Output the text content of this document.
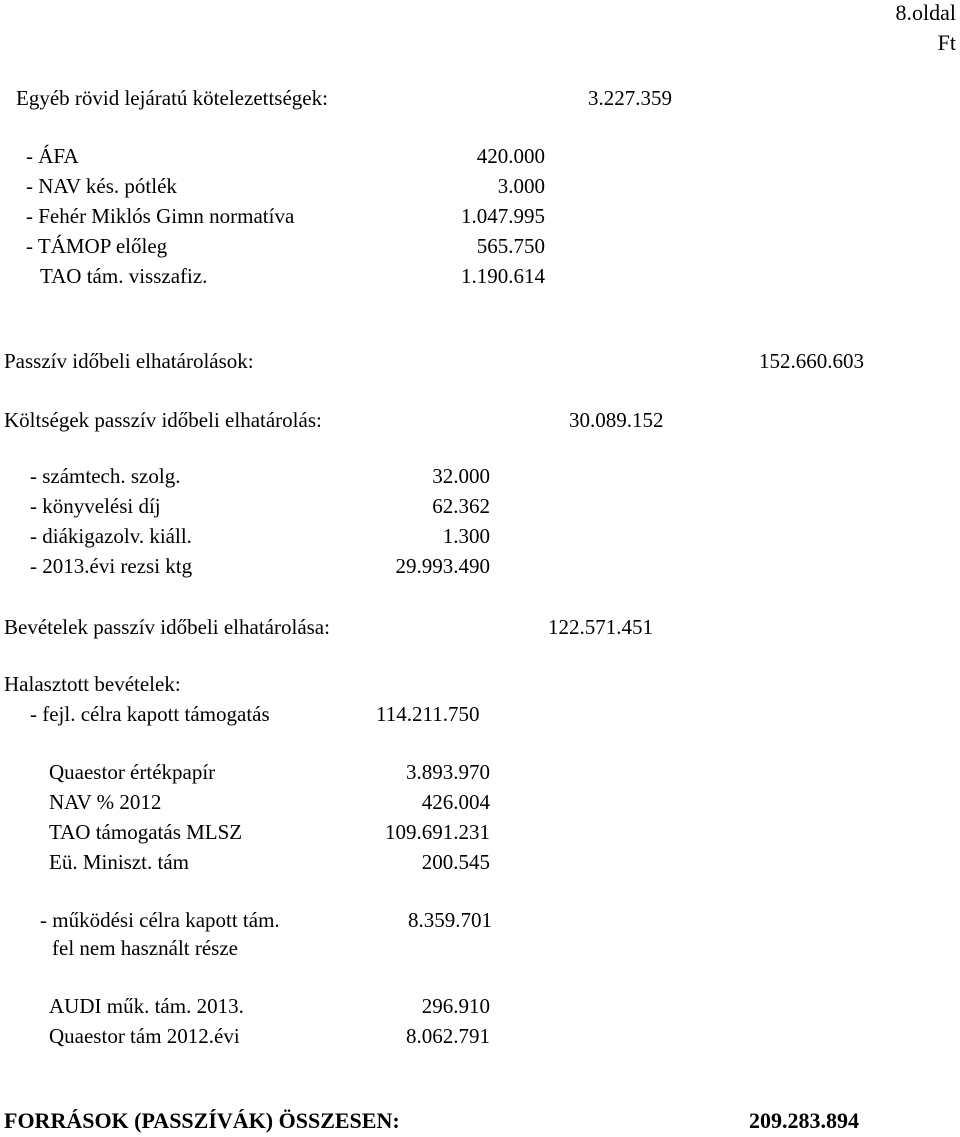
8.oldal
Ft
Egyéb rövid lejáratú kötelezettségek:	3.227.359
- ÁFA	420.000
- NAV kés. pótlék	3.000
- Fehér Miklós Gimn normatíva	1.047.995
- TÁMOP előleg	565.750
TAO tám. visszafiz.	1.190.614
Passzív időbeli elhatárolások:	152.660.603
Költségek passzív időbeli elhatárolás:	30.089.152
- számtech. szolg.	32.000
- könyvelési díj	62.362
- diákigazolv. kiáll.	1.300
- 2013.évi rezsi ktg	29.993.490
Bevételek passzív időbeli elhatárolása:	122.571.451
Halasztott bevételek:
- fejl. célra kapott támogatás	114.211.750
Quaestor értékpapír	3.893.970
NAV % 2012	426.004
TAO támogatás MLSZ	109.691.231
Eü. Miniszt. tám	200.545
- működési célra kapott tám.	8.359.701
fel nem használt része
AUDI műk. tám. 2013.	296.910
Quaestor tám 2012.évi	8.062.791
FORRÁSOK (PASSZÍVÁK) ÖSSZESEN:	209.283.894
